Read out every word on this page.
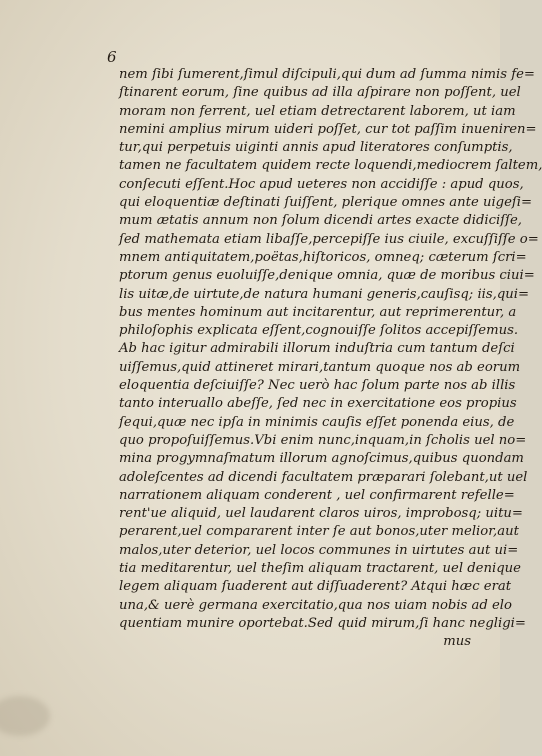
6
nem ſibi ſumerent,ſimul diſcipuli,qui dum ad ſumma nimis fe=
ſtinarent eorum, ſine quibus ad illa aſpirare non poſſent, uel
moram non ferrent, uel etiam detrectarent laborem, ut iam
nemini amplius mirum uideri poſſet, cur tot paſſim inueniren=
tur,qui perpetuis uiginti annis apud literatores conſumptis,
tamen ne facultatem quidem recte loquendi,mediocrem ſaltem,
conſecuti eſſent.Hoc apud ueteres non accidiſſe : apud quos,
qui eloquentiæ deſtinati ſuiſſent, plerique omnes ante uigeſi=
mum ætatis annum non ſolum dicendi artes exacte didiciſſe,
ſed mathemata etiam libaſſe,percepiſſe ius ciuile, excuſſiſſe o=
mnem antiquitatem,poëtas,hiſtoricos, omneq; cæterum ſcri=
ptorum genus euoluiſſe,denique omnia, quæ de moribus ciui=
lis uitæ,de uirtute,de natura humani generis,cauſisq; iis,qui=
bus mentes hominum aut incitarentur, aut reprimerentur, a
philoſophis explicata eſſent,cognouiſſe ſolitos accepiſſemus.
Ab hac igitur admirabili illorum induſtria cum tantum deſci
uiſſemus,quid attineret mirari,tantum quoque nos ab eorum
eloquentia deſciuiſſe? Nec uerò hac ſolum parte nos ab illis
tanto interuallo abeſſe, ſed nec in exercitatione eos propius
ſequi,quæ nec ipſa in minimis cauſis eſſet ponenda eius, de
quo propoſuiſſemus.Vbi enim nunc,inquam,in ſcholis uel no=
mina progymnaſmatum illorum agnoſcimus,quibus quondam
adoleſcentes ad dicendi facultatem præparari ſolebant,ut uel
narrationem aliquam conderent , uel confirmarent refelle=
rent'ue aliquid, uel laudarent claros uiros, improbosq; uitu=
perarent,uel compararent inter ſe aut bonos,uter melior,aut
malos,uter deterior, uel locos communes in uirtutes aut ui=
tia meditarentur, uel theſim aliquam tractarent, uel denique
legem aliquam ſuaderent aut diſſuaderent? Atqui hæc erat
una,& uerè germana exercitatio,qua nos uiam nobis ad elo
quentiam munire oportebat.Sed quid mirum,ſi hanc negligi=
mus
